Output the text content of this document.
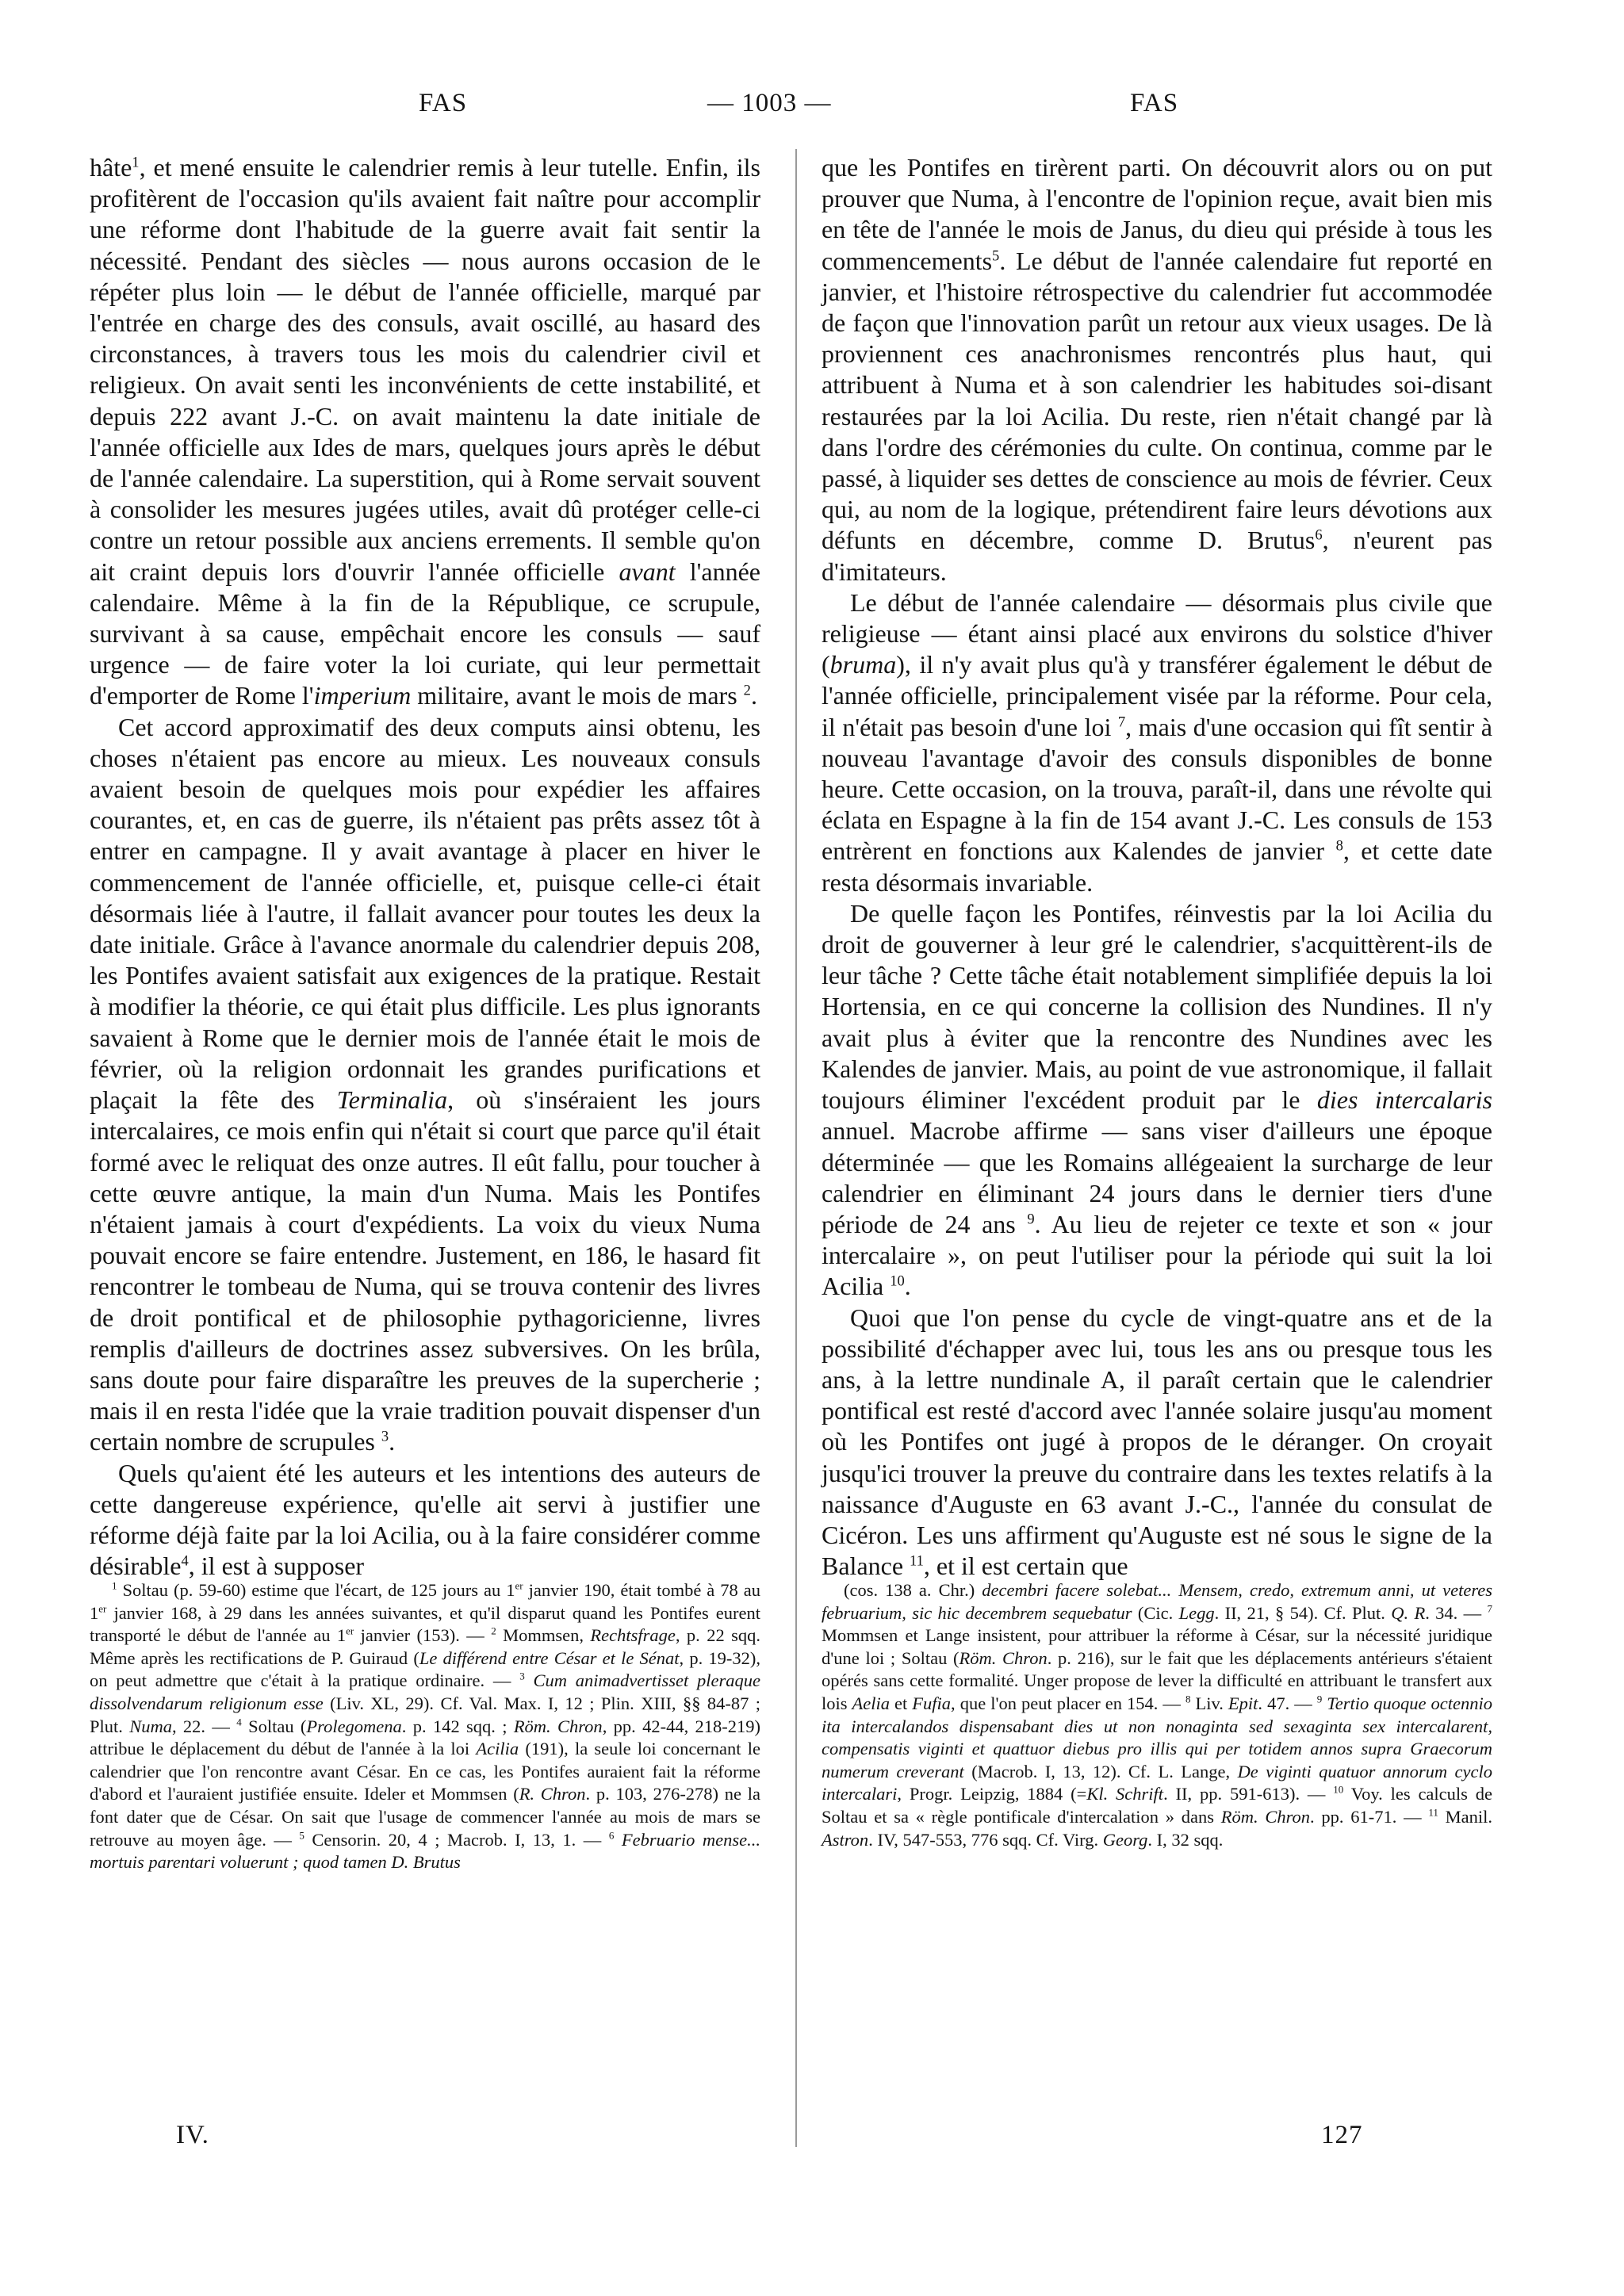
FAS	— 1003 —	FAS

hâte$^1$, et mené ensuite le calendrier remis à leur tutelle. Enfin, ils profitèrent de l'occasion qu'ils avaient fait naître pour accomplir une réforme dont l'habitude de la guerre avait fait sentir la nécessité. Pendant des siècles — nous aurons occasion de le répéter plus loin — le début de l'année officielle, marqué par l'entrée en charge des des consuls, avait oscillé, au hasard des circonstances, à travers tous les mois du calendrier civil et religieux. On avait senti les inconvénients de cette instabilité, et depuis 222 avant J.-C. on avait maintenu la date initiale de l'année officielle aux Ides de mars, quelques jours après le début de l'année calendaire. La superstition, qui à Rome servait souvent à consolider les mesures jugées utiles, avait dû protéger celle-ci contre un retour possible aux anciens errements. Il semble qu'on ait craint depuis lors d'ouvrir l'année officielle avant l'année calendaire. Même à la fin de la République, ce scrupule, survivant à sa cause, empêchait encore les consuls — sauf urgence — de faire voter la loi curiate, qui leur permettait d'emporter de Rome l'imperium militaire, avant le mois de mars $^2$.

Cet accord approximatif des deux computs ainsi obtenu, les choses n'étaient pas encore au mieux. Les nouveaux consuls avaient besoin de quelques mois pour expédier les affaires courantes, et, en cas de guerre, ils n'étaient pas prêts assez tôt à entrer en campagne. Il y avait avantage à placer en hiver le commencement de l'année officielle, et, puisque celle-ci était désormais liée à l'autre, il fallait avancer pour toutes les deux la date initiale. Grâce à l'avance anormale du calendrier depuis 208, les Pontifes avaient satisfait aux exigences de la pratique. Restait à modifier la théorie, ce qui était plus difficile. Les plus ignorants savaient à Rome que le dernier mois de l'année était le mois de février, où la religion ordonnait les grandes purifications et plaçait la fête des Terminalia, où s'inséraient les jours intercalaires, ce mois enfin qui n'était si court que parce qu'il était formé avec le reliquat des onze autres. Il eût fallu, pour toucher à cette œuvre antique, la main d'un Numa. Mais les Pontifes n'étaient jamais à court d'expédients. La voix du vieux Numa pouvait encore se faire entendre. Justement, en 186, le hasard fit rencontrer le tombeau de Numa, qui se trouva contenir des livres de droit pontifical et de philosophie pythagoricienne, livres remplis d'ailleurs de doctrines assez subversives. On les brûla, sans doute pour faire disparaître les preuves de la supercherie ; mais il en resta l'idée que la vraie tradition pouvait dispenser d'un certain nombre de scrupules $^3$.

Quels qu'aient été les auteurs et les intentions des auteurs de cette dangereuse expérience, qu'elle ait servi à justifier une réforme déjà faite par la loi Acilia, ou à la faire considérer comme désirable$^4$, il est à supposer

$^1$ Soltau (p. 59-60) estime que l'écart, de 125 jours au 1er janvier 190, était tombé à 78 au 1er janvier 168, à 29 dans les années suivantes, et qu'il disparut quand les Pontifes eurent transporté le début de l'année au 1er janvier (153). — $^2$ Mommsen, Rechtsfrage, p. 22 sqq. Même après les rectifications de P. Guiraud (Le différend entre César et le Sénat, p. 19-32), on peut admettre que c'était à la pratique ordinaire. — $^3$ Cum animadvertisset pleraque dissolvendarum religionum esse (Liv. XL, 29). Cf. Val. Max. I, 12 ; Plin. XIII, §§ 84-87 ; Plut. Numa, 22. — $^4$ Soltau (Prolegomena. p. 142 sqq. ; Röm. Chron, pp. 42-44, 218-219) attribue le déplacement du début de l'année à la loi Acilia (191), la seule loi concernant le calendrier que l'on rencontre avant César. En ce cas, les Pontifes auraient fait la réforme d'abord et l'auraient justifiée ensuite. Ideler et Mommsen (R. Chron. p. 103, 276-278) ne la font dater que de César. On sait que l'usage de commencer l'année au mois de mars se retrouve au moyen âge. — $^5$ Censorin. 20, 4 ; Macrob. I, 13, 1. — $^6$ Februario mense... mortuis parentari voluerunt ; quod tamen D. Brutus

que les Pontifes en tirèrent parti. On découvrit alors ou on put prouver que Numa, à l'encontre de l'opinion reçue, avait bien mis en tête de l'année le mois de Janus, du dieu qui préside à tous les commencements$^5$. Le début de l'année calendaire fut reporté en janvier, et l'histoire rétrospective du calendrier fut accommodée de façon que l'innovation parût un retour aux vieux usages. De là proviennent ces anachronismes rencontrés plus haut, qui attribuent à Numa et à son calendrier les habitudes soi-disant restaurées par la loi Acilia. Du reste, rien n'était changé par là dans l'ordre des cérémonies du culte. On continua, comme par le passé, à liquider ses dettes de conscience au mois de février. Ceux qui, au nom de la logique, prétendirent faire leurs dévotions aux défunts en décembre, comme D. Brutus$^6$, n'eurent pas d'imitateurs.

Le début de l'année calendaire — désormais plus civile que religieuse — étant ainsi placé aux environs du solstice d'hiver (bruma), il n'y avait plus qu'à y transférer également le début de l'année officielle, principalement visée par la réforme. Pour cela, il n'était pas besoin d'une loi $^7$, mais d'une occasion qui fît sentir à nouveau l'avantage d'avoir des consuls disponibles de bonne heure. Cette occasion, on la trouva, paraît-il, dans une révolte qui éclata en Espagne à la fin de 154 avant J.-C. Les consuls de 153 entrèrent en fonctions aux Kalendes de janvier $^8$, et cette date resta désormais invariable.

De quelle façon les Pontifes, réinvestis par la loi Acilia du droit de gouverner à leur gré le calendrier, s'acquittèrent-ils de leur tâche ? Cette tâche était notablement simplifiée depuis la loi Hortensia, en ce qui concerne la collision des Nundines. Il n'y avait plus à éviter que la rencontre des Nundines avec les Kalendes de janvier. Mais, au point de vue astronomique, il fallait toujours éliminer l'excédent produit par le dies intercalaris annuel. Macrobe affirme — sans viser d'ailleurs une époque déterminée — que les Romains allégeaient la surcharge de leur calendrier en éliminant 24 jours dans le dernier tiers d'une période de 24 ans $^9$. Au lieu de rejeter ce texte et son « jour intercalaire », on peut l'utiliser pour la période qui suit la loi Acilia $^{10}$.

Quoi que l'on pense du cycle de vingt-quatre ans et de la possibilité d'échapper avec lui, tous les ans ou presque tous les ans, à la lettre nundinale A, il paraît certain que le calendrier pontifical est resté d'accord avec l'année solaire jusqu'au moment où les Pontifes ont jugé à propos de le déranger. On croyait jusqu'ici trouver la preuve du contraire dans les textes relatifs à la naissance d'Auguste en 63 avant J.-C., l'année du consulat de Cicéron. Les uns affirment qu'Auguste est né sous le signe de la Balance $^{11}$, et il est certain que

(cos. 138 a. Chr.) decembri facere solebat... Mensem, credo, extremum anni, ut veteres februarium, sic hic decembrem sequebatur (Cic. Legg. II, 21, § 54). Cf. Plut. Q. R. 34. — $^7$ Mommsen et Lange insistent, pour attribuer la réforme à César, sur la nécessité juridique d'une loi ; Soltau (Röm. Chron. p. 216), sur le fait que les déplacements antérieurs s'étaient opérés sans cette formalité. Unger propose de lever la difficulté en attribuant le transfert aux lois Aelia et Fufia, que l'on peut placer en 154. — $^8$ Liv. Epit. 47. — $^9$ Tertio quoque octennio ita intercalandos dispensabant dies ut non nonaginta sed sexaginta sex intercalarent, compensatis viginti et quattuor diebus pro illis qui per totidem annos supra Graecorum numerum creverant (Macrob. I, 13, 12). Cf. L. Lange, De viginti quatuor annorum cyclo intercalari, Progr. Leipzig, 1884 (=Kl. Schrift. II, pp. 591-613). — $^{10}$ Voy. les calculs de Soltau et sa « règle pontificale d'intercalation » dans Röm. Chron. pp. 61-71. — $^{11}$ Manil. Astron. IV, 547-553, 776 sqq. Cf. Virg. Georg. I, 32 sqq.

IV.	127
